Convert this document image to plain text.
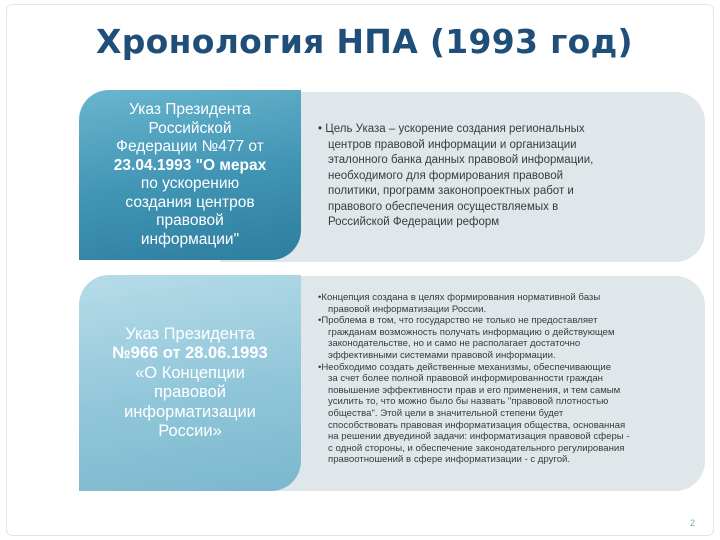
Хронология НПА (1993 год)
Указ Президента
Российской
Федерации №477 от
23.04.1993 "О мерах
по ускорению
создания центров
правовой
информации"
• Цель Указа – ускорение создания региональных
центров правовой информации и организации
эталонного банка данных правовой информации,
необходимого для формирования правовой
политики, программ законопроектных работ и
правового обеспечения осуществляемых в
Российской Федерации реформ
Указ Президента
№966 от 28.06.1993
«О Концепции
правовой
информатизации
России»

•Концепция создана в целях формирования нормативной базы

правовой информатизации России.

•Проблема в том, что государство не только не предоставляет

гражданам возможность получать информацию о действующем

законодательстве, но и само не располагает достаточно

эффективными системами правовой информации.

•Необходимо создать действенные механизмы, обеспечивающие

за счет более полной правовой информированности граждан

повышение эффективности прав и его применения, и тем самым

усилить то, что можно было бы назвать "правовой плотностью

общества". Этой цели в значительной степени будет

способствовать правовая информатизация общества, основанная

на решении двуединой задачи: информатизация правовой сферы -

с одной стороны, и обеспечение законодательного регулирования

правоотношений в сфере информатизации - с другой.

2
